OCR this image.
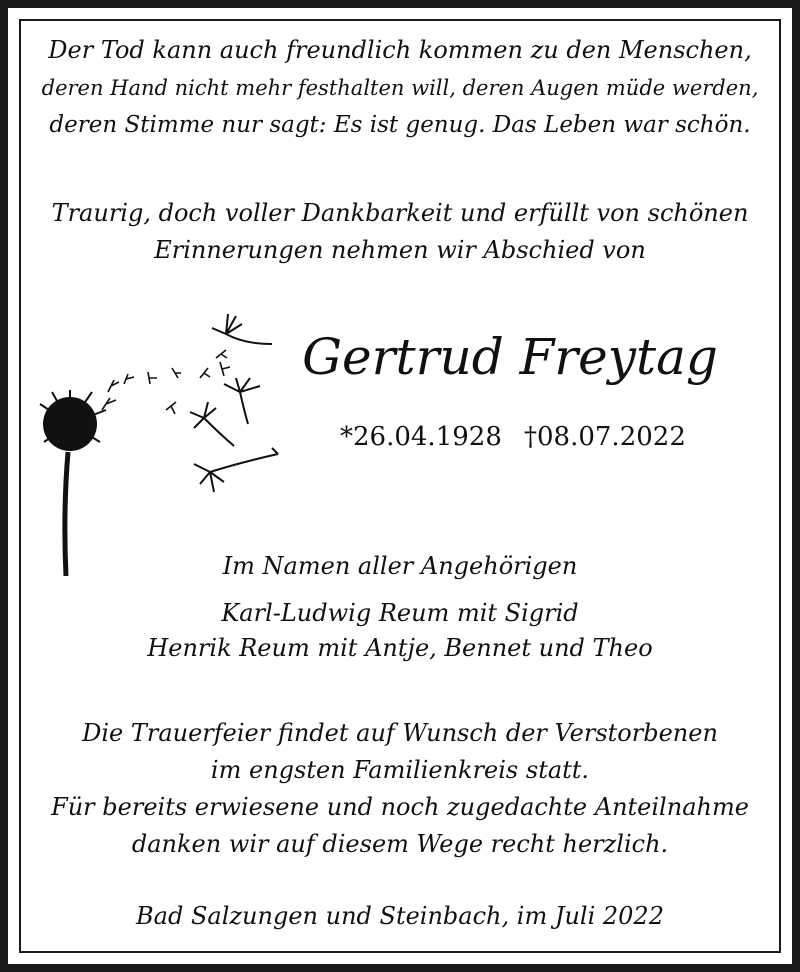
Der Tod kann auch freundlich kommen zu den Menschen,
deren Hand nicht mehr festhalten will, deren Augen müde werden,
deren Stimme nur sagt: Es ist genug. Das Leben war schön.
Traurig, doch voller Dankbarkeit und erfüllt von schönen
Erinnerungen nehmen wir Abschied von
Gertrud Freytag
*26.04.1928 †08.07.2022
Im Namen aller Angehörigen
Karl-Ludwig Reum mit Sigrid
Henrik Reum mit Antje, Bennet und Theo
Die Trauerfeier findet auf Wunsch der Verstorbenen
im engsten Familienkreis statt.
Für bereits erwiesene und noch zugedachte Anteilnahme
danken wir auf diesem Wege recht herzlich.
Bad Salzungen und Steinbach, im Juli 2022
